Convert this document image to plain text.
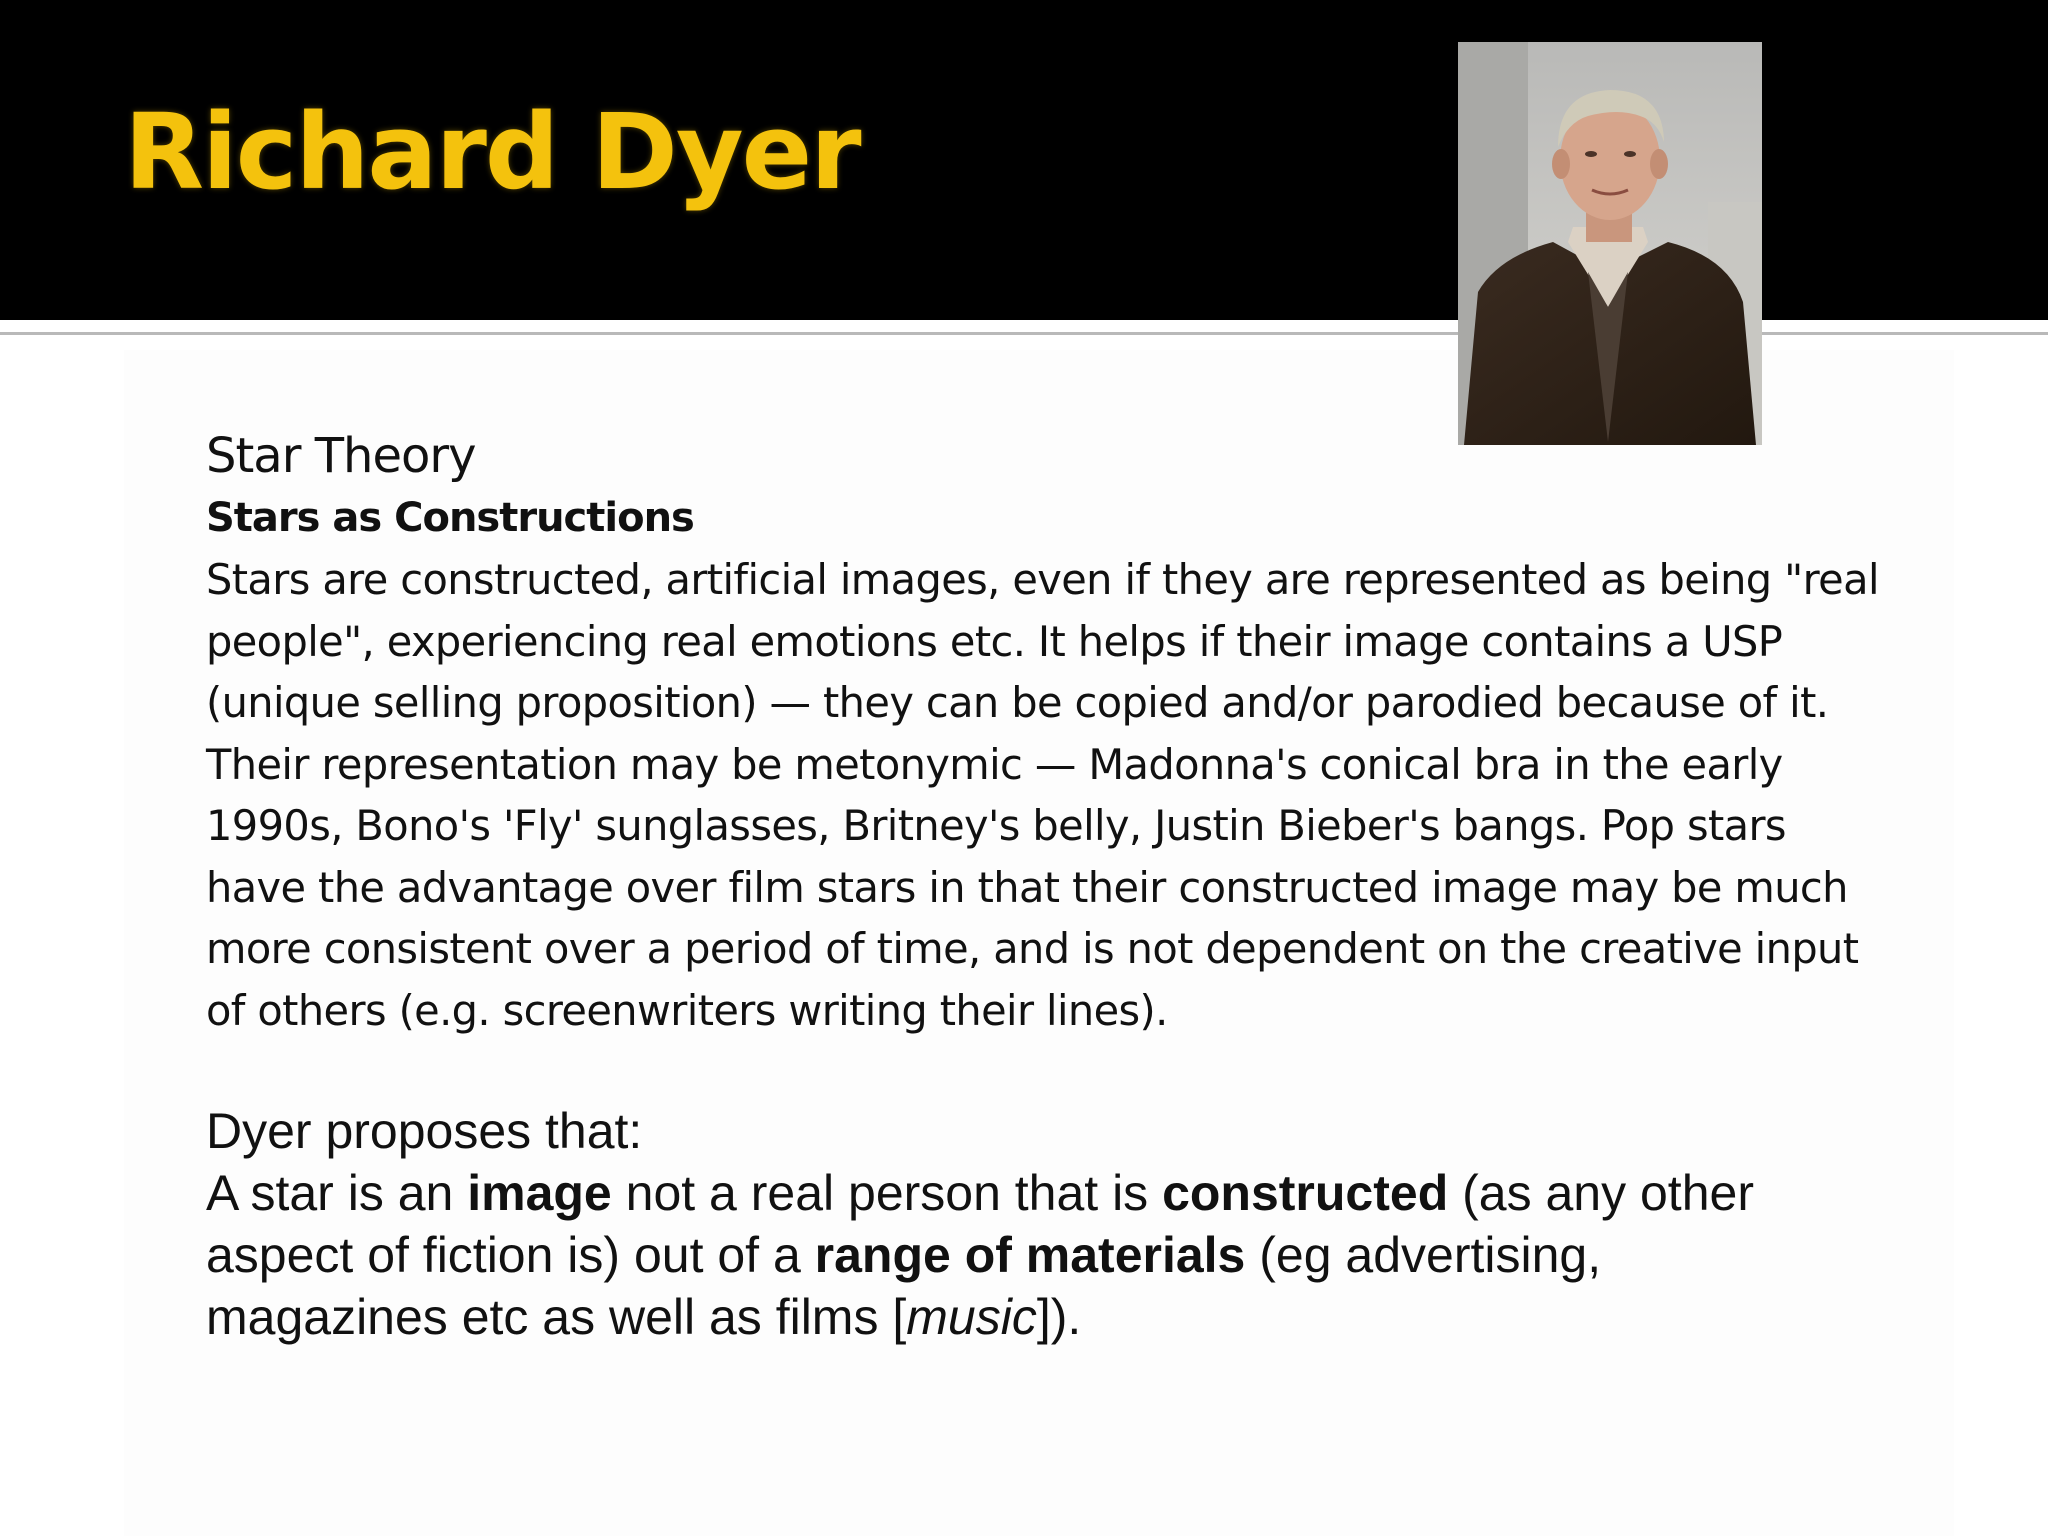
Richard Dyer
Star Theory
Stars as Constructions

Stars are constructed, artificial images, even if they are represented as being "real
people", experiencing real emotions etc. It helps if their image contains a USP
(unique selling proposition) — they can be copied and/or parodied because of it.
Their representation may be metonymic — Madonna's conical bra in the early
1990s, Bono's 'Fly' sunglasses, Britney's belly, Justin Bieber's bangs. Pop stars
have the advantage over film stars in that their constructed image may be much
more consistent over a period of time, and is not dependent on the creative input
of others (e.g. screenwriters writing their lines).

Dyer proposes that:

A star is an image not a real person that is constructed (as any other
aspect of fiction is) out of a range of materials (eg advertising,
magazines etc as well as films [music]).
